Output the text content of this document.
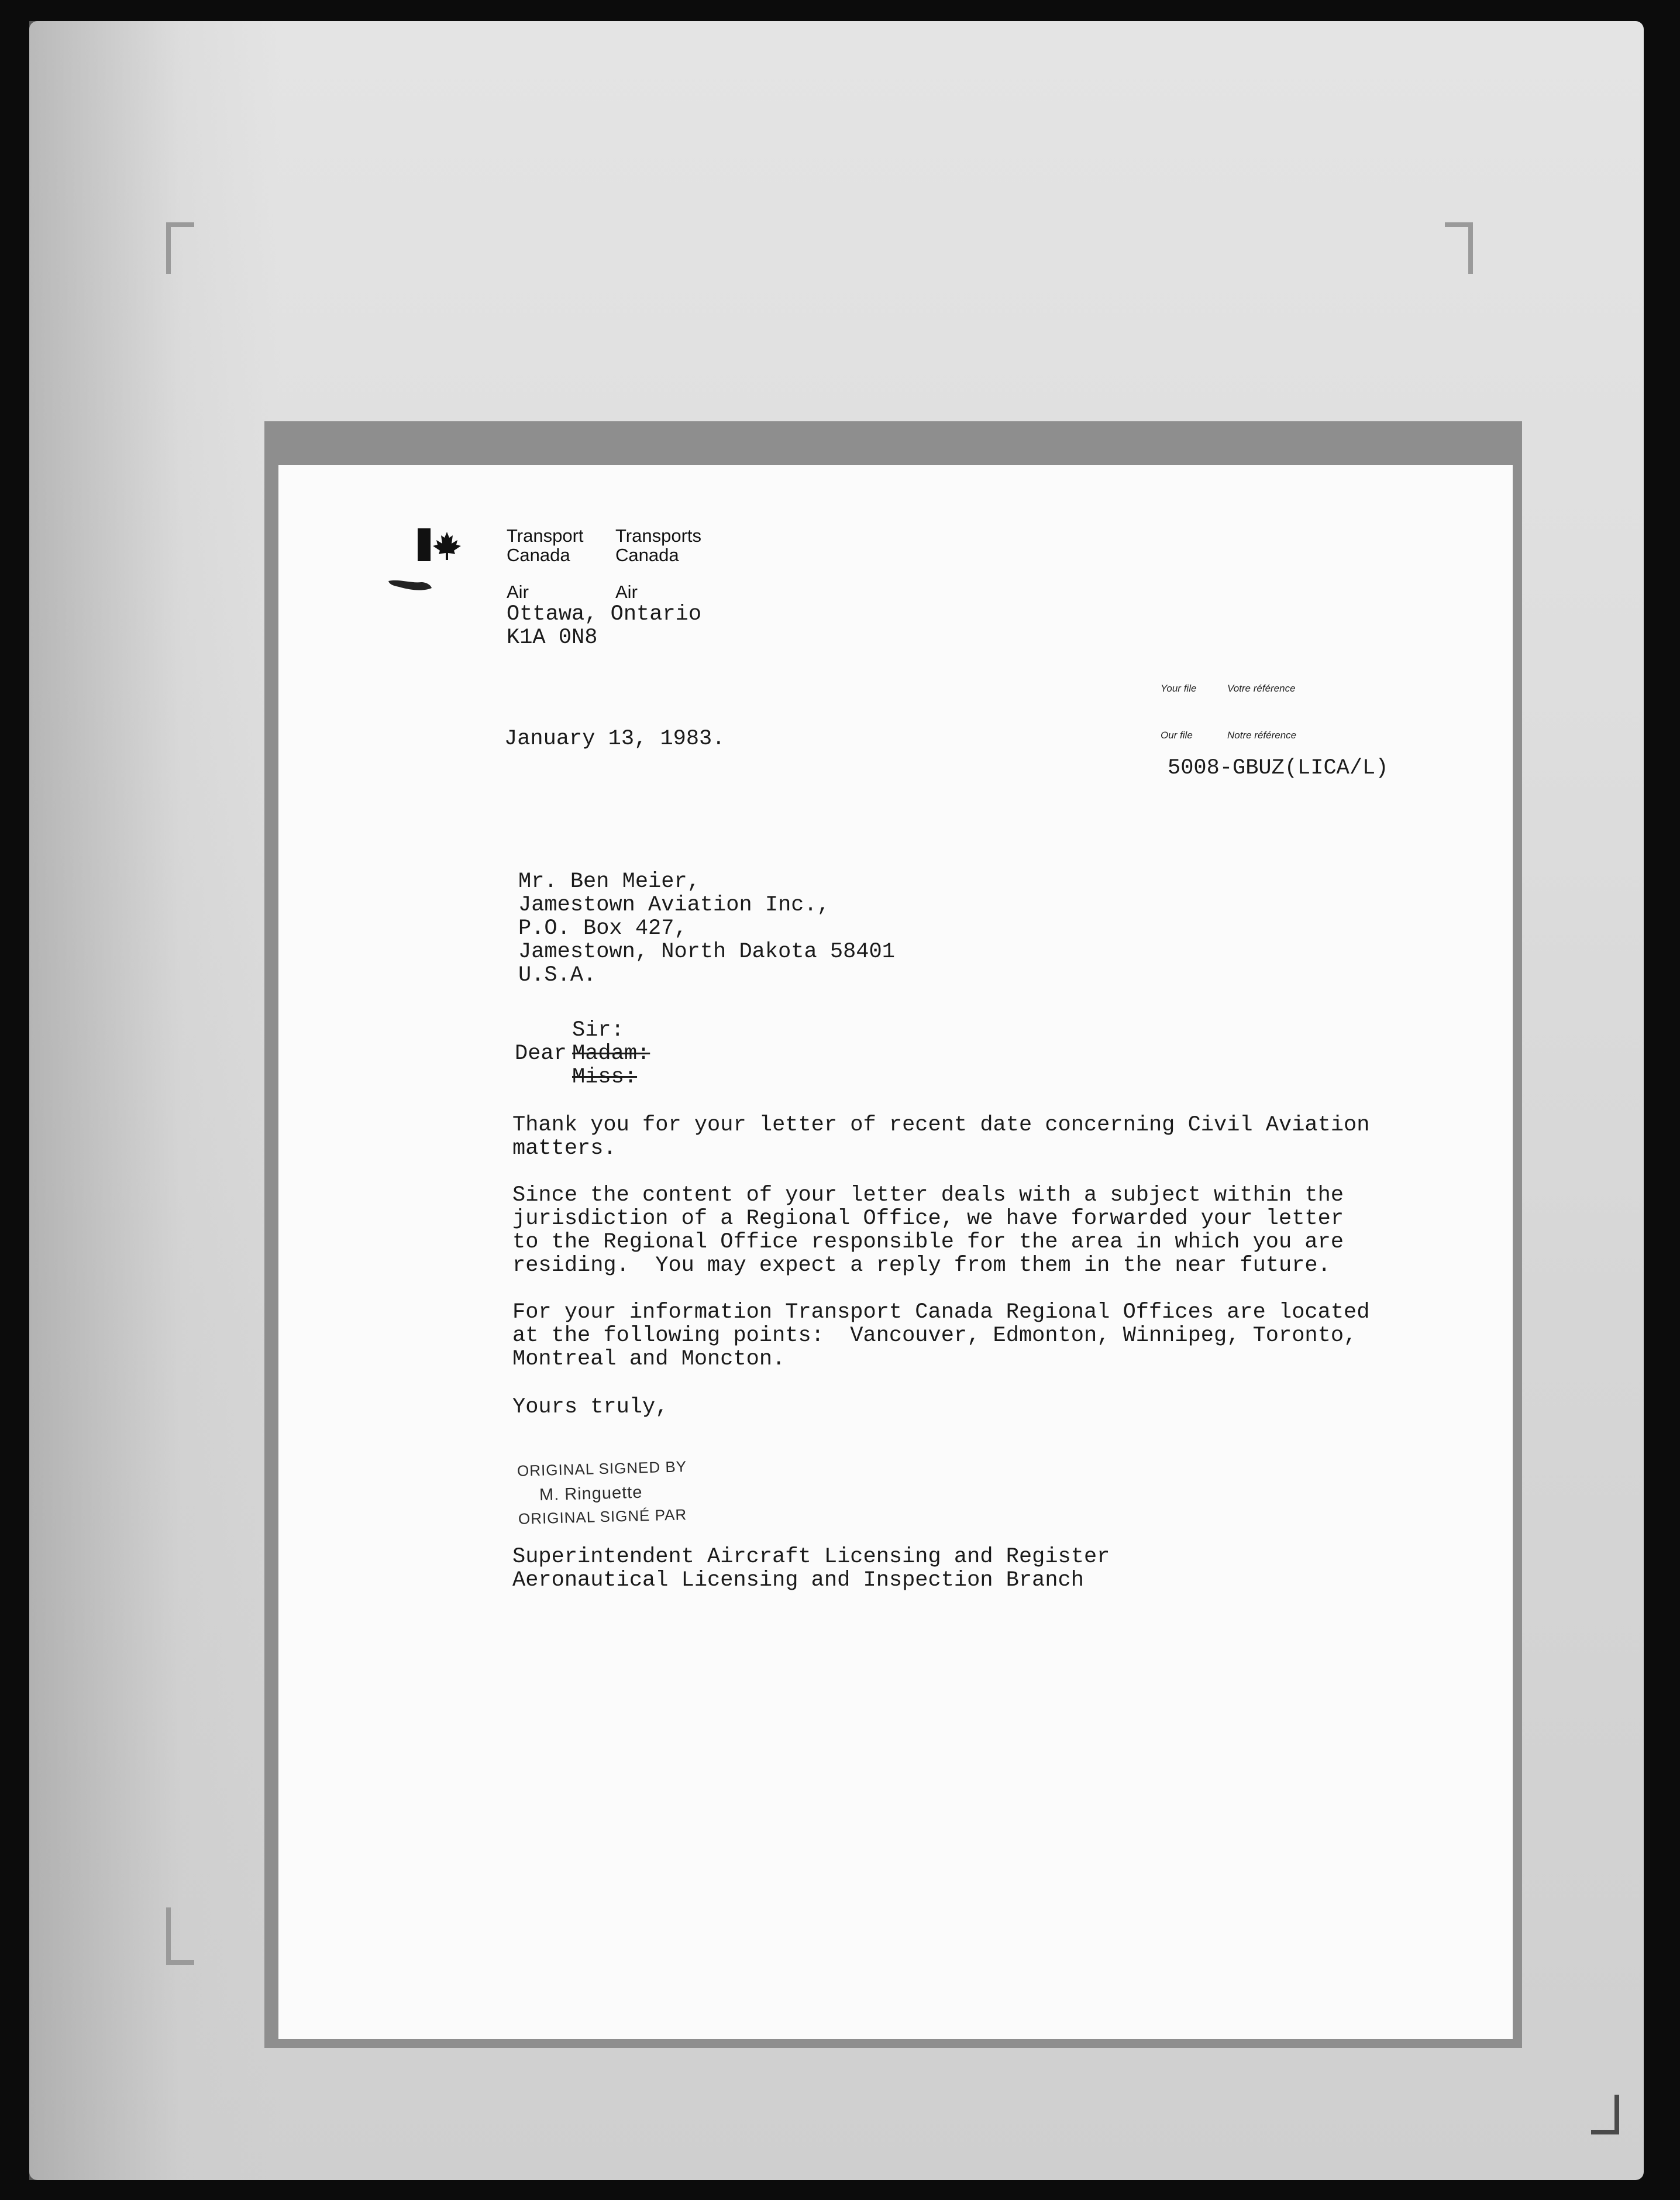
Transport
Canada
Transports
Canada
Air	Air
Ottawa, Ontario
K1A 0N8
Your file	Votre référence
Our file	Notre référence
5008-GBUZ(LICA/L)
January 13, 1983.
Mr. Ben Meier,
Jamestown Aviation Inc.,
P.O. Box 427,
Jamestown, North Dakota 58401
U.S.A.
Sir:
Dear Madam:
Miss:
Thank you for your letter of recent date concerning Civil Aviation
matters.
Since the content of your letter deals with a subject within the
jurisdiction of a Regional Office, we have forwarded your letter
to the Regional Office responsible for the area in which you are
residing.  You may expect a reply from them in the near future.
For your information Transport Canada Regional Offices are located
at the following points:  Vancouver, Edmonton, Winnipeg, Toronto,
Montreal and Moncton.
Yours truly,
ORIGINAL SIGNED BY
M. Ringuette
ORIGINAL SIGNÉ PAR
Superintendent Aircraft Licensing and Register
Aeronautical Licensing and Inspection Branch
